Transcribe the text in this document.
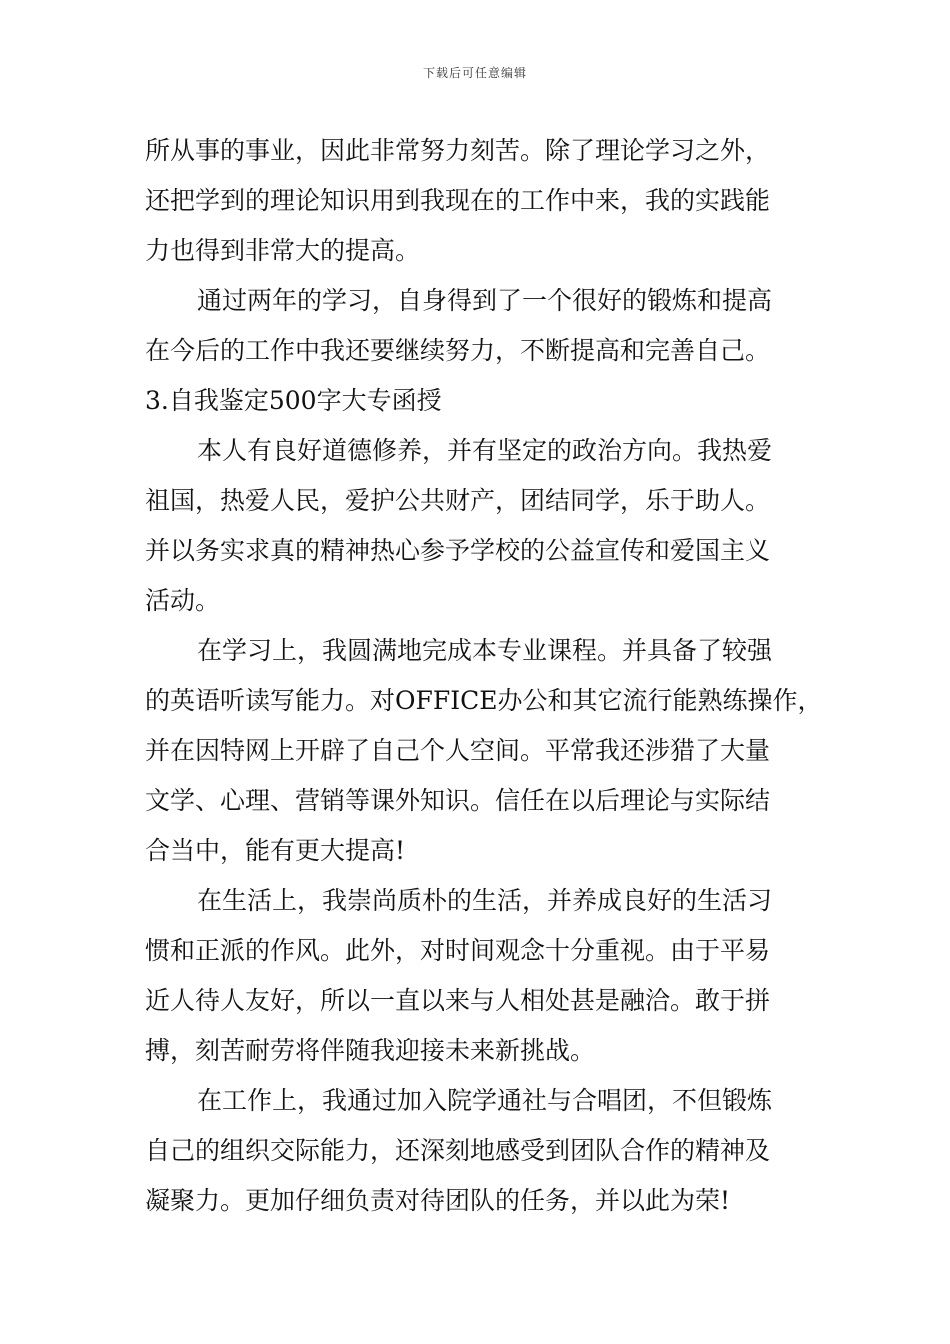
下载后可任意编辑
所从事的事业，因此非常努力刻苦。除了理论学习之外，
还把学到的理论知识用到我现在的工作中来，我的实践能
力也得到非常大的提高。
通过两年的学习，自身得到了一个很好的锻炼和提高
在今后的工作中我还要继续努力，不断提高和完善自己。
3.自我鉴定500字大专函授
本人有良好道德修养，并有坚定的政治方向。我热爱
祖国，热爱人民，爱护公共财产，团结同学，乐于助人。
并以务实求真的精神热心参予学校的公益宣传和爱国主义
活动。
在学习上，我圆满地完成本专业课程。并具备了较强
的英语听读写能力。对OFFICE办公和其它流行能熟练操作，
并在因特网上开辟了自己个人空间。平常我还涉猎了大量
文学、心理、营销等课外知识。信任在以后理论与实际结
合当中，能有更大提高!
在生活上，我崇尚质朴的生活，并养成良好的生活习
惯和正派的作风。此外，对时间观念十分重视。由于平易
近人待人友好，所以一直以来与人相处甚是融洽。敢于拼
搏，刻苦耐劳将伴随我迎接未来新挑战。
在工作上，我通过加入院学通社与合唱团，不但锻炼
自己的组织交际能力，还深刻地感受到团队合作的精神及
凝聚力。更加仔细负责对待团队的任务，并以此为荣!
